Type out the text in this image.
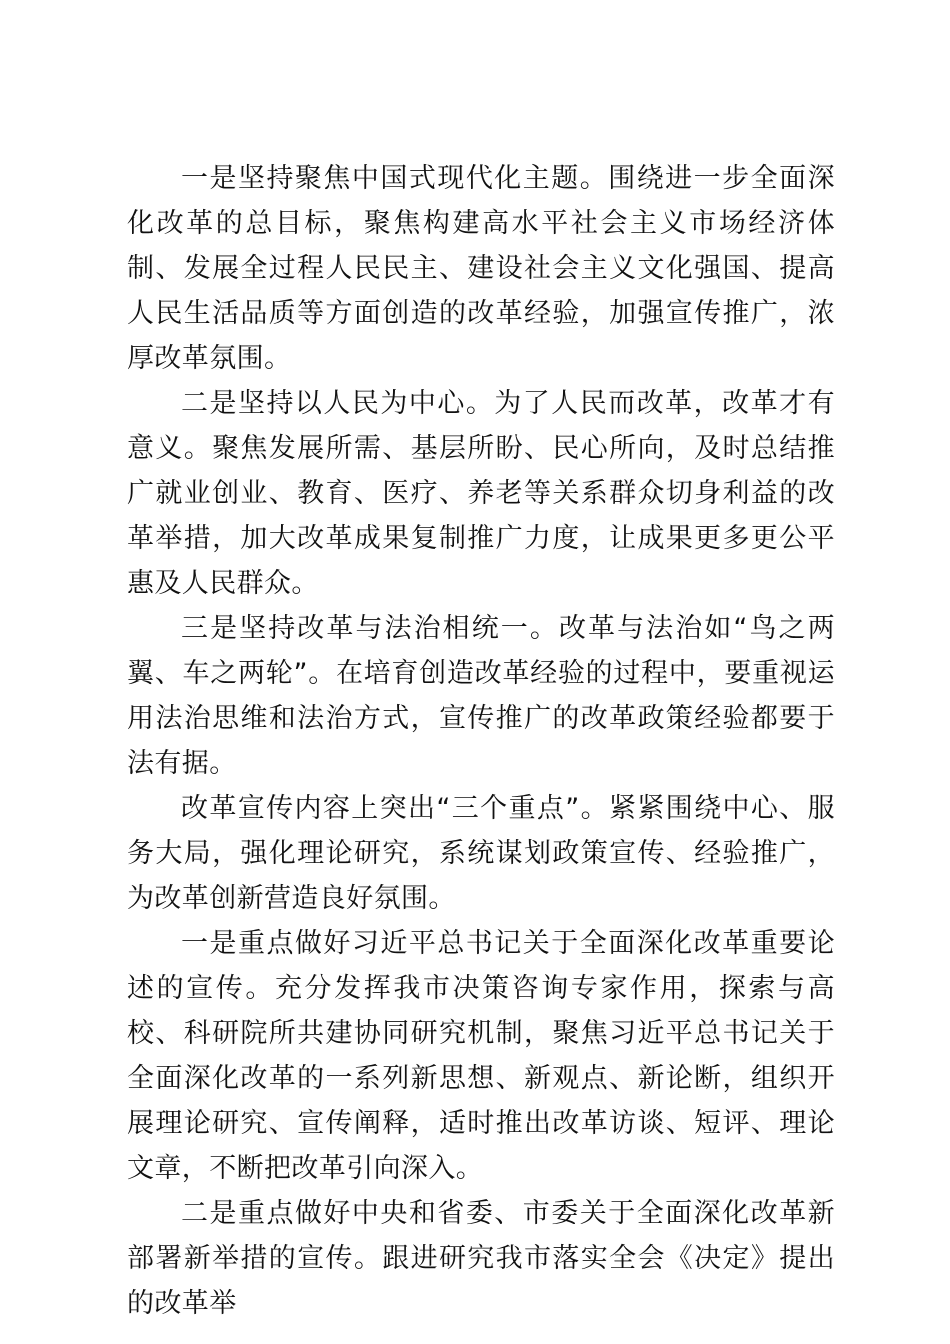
一是坚持聚焦中国式现代化主题。围绕进一步全面深化改革的总目标，聚焦构建高水平社会主义市场经济体制、发展全过程人民民主、建设社会主义文化强国、提高人民生活品质等方面创造的改革经验，加强宣传推广，浓厚改革氛围。

二是坚持以人民为中心。为了人民而改革，改革才有意义。聚焦发展所需、基层所盼、民心所向，及时总结推广就业创业、教育、医疗、养老等关系群众切身利益的改革举措，加大改革成果复制推广力度，让成果更多更公平惠及人民群众。

三是坚持改革与法治相统一。改革与法治如“鸟之两翼、车之两轮”。在培育创造改革经验的过程中，要重视运用法治思维和法治方式，宣传推广的改革政策经验都要于法有据。

改革宣传内容上突出“三个重点”。紧紧围绕中心、服务大局，强化理论研究，系统谋划政策宣传、经验推广，为改革创新营造良好氛围。

一是重点做好习近平总书记关于全面深化改革重要论述的宣传。充分发挥我市决策咨询专家作用，探索与高校、科研院所共建协同研究机制，聚焦习近平总书记关于全面深化改革的一系列新思想、新观点、新论断，组织开展理论研究、宣传阐释，适时推出改革访谈、短评、理论文章，不断把改革引向深入。

二是重点做好中央和省委、市委关于全面深化改革新部署新举措的宣传。跟进研究我市落实全会《决定》提出的改革举
